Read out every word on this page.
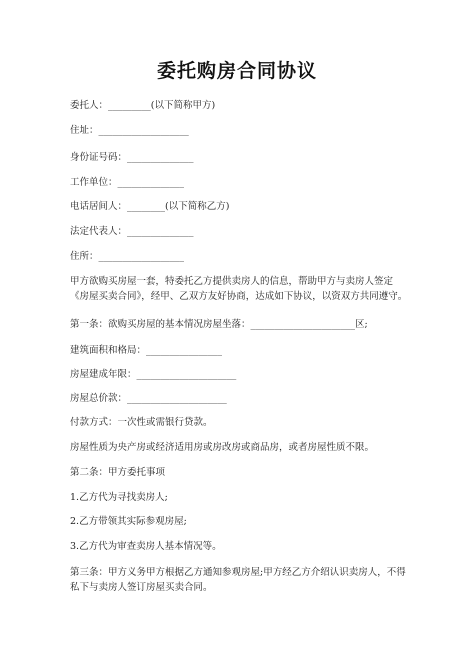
委托购房合同协议
委托人：_________(以下简称甲方)
住址：___________________
身份证号码：______________
工作单位：______________
电话居间人：________(以下简称乙方)
法定代表人：______________
住所：__________________
甲方欲购买房屋一套，特委托乙方提供卖房人的信息，帮助甲方与卖房人签定《房屋买卖合同》，经甲、乙双方友好协商，达成如下协议，以资双方共同遵守。
第一条：欲购买房屋的基本情况房屋坐落：______________________区;
建筑面积和格局：________________
房屋建成年限：_____________________
房屋总价款：_____________________
付款方式：一次性或需银行贷款。
房屋性质为央产房或经济适用房或房改房或商品房，或者房屋性质不限。
第二条：甲方委托事项
1.乙方代为寻找卖房人;
2.乙方带领其实际参观房屋;
3.乙方代为审查卖房人基本情况等。
第三条：甲方义务甲方根据乙方通知参观房屋;甲方经乙方介绍认识卖房人，不得私下与卖房人签订房屋买卖合同。
